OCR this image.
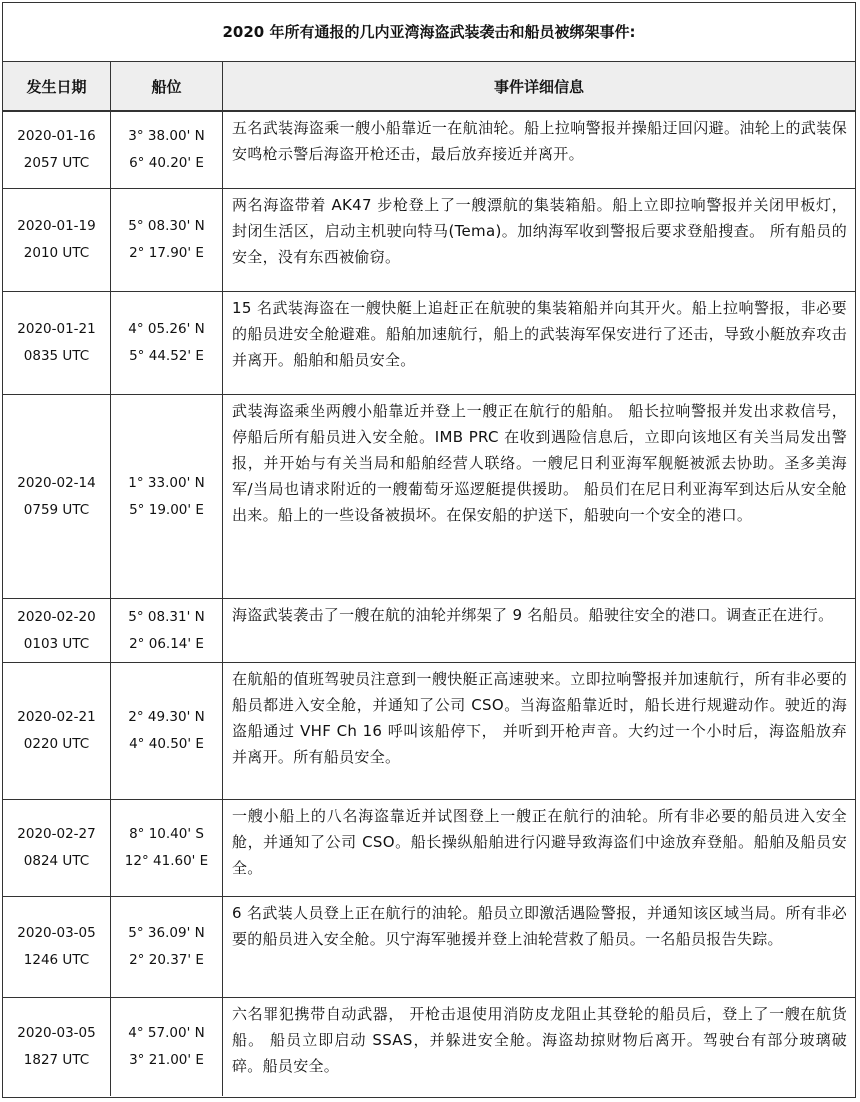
2020 年所有通报的几内亚湾海盗武装袭击和船员被绑架事件:
发生日期	船位	事件详细信息
2020-01-16
2057 UTC
3° 38.00' N
6° 40.20' E
五名武装海盗乘一艘小船靠近一在航油轮。船上拉响警报并操船迂回闪避。油轮上的武装保安鸣枪示警后海盗开枪还击，最后放弃接近并离开。
2020-01-19
2010 UTC
5° 08.30' N
2° 17.90' E
两名海盗带着 AK47 步枪登上了一艘漂航的集装箱船。船上立即拉响警报并关闭甲板灯，封闭生活区，启动主机驶向特马(Tema)。加纳海军收到警报后要求登船搜查。 所有船员的安全，没有东西被偷窃。
2020-01-21
0835 UTC
4° 05.26' N
5° 44.52' E
15 名武装海盗在一艘快艇上追赶正在航驶的集装箱船并向其开火。船上拉响警报，非必要的船员进安全舱避难。船舶加速航行，船上的武装海军保安进行了还击，导致小艇放弃攻击并离开。船舶和船员安全。
2020-02-14
0759 UTC
1° 33.00' N
5° 19.00' E
武装海盗乘坐两艘小船靠近并登上一艘正在航行的船舶。 船长拉响警报并发出求救信号，停船后所有船员进入安全舱。IMB PRC 在收到遇险信息后，立即向该地区有关当局发出警报，并开始与有关当局和船舶经营人联络。一艘尼日利亚海军舰艇被派去协助。圣多美海军/当局也请求附近的一艘葡萄牙巡逻艇提供援助。 船员们在尼日利亚海军到达后从安全舱出来。船上的一些设备被损坏。在保安船的护送下，船驶向一个安全的港口。
2020-02-20
0103 UTC
5° 08.31' N
2° 06.14' E
海盗武装袭击了一艘在航的油轮并绑架了 9 名船员。船驶往安全的港口。调查正在进行。
2020-02-21
0220 UTC
2° 49.30' N
4° 40.50' E
在航船的值班驾驶员注意到一艘快艇正高速驶来。立即拉响警报并加速航行，所有非必要的船员都进入安全舱，并通知了公司 CSO。当海盗船靠近时，船长进行规避动作。驶近的海盗船通过 VHF Ch 16 呼叫该船停下， 并听到开枪声音。大约过一个小时后，海盗船放弃并离开。所有船员安全。
2020-02-27
0824 UTC
8° 10.40' S
12° 41.60' E
一艘小船上的八名海盗靠近并试图登上一艘正在航行的油轮。所有非必要的船员进入安全舱，并通知了公司 CSO。船长操纵船舶进行闪避导致海盗们中途放弃登船。船舶及船员安全。
2020-03-05
1246 UTC
5° 36.09' N
2° 20.37' E
6 名武装人员登上正在航行的油轮。船员立即激活遇险警报，并通知该区域当局。所有非必要的船员进入安全舱。贝宁海军驰援并登上油轮营救了船员。一名船员报告失踪。
2020-03-05
1827 UTC
4° 57.00' N
3° 21.00' E
六名罪犯携带自动武器， 开枪击退使用消防皮龙阻止其登轮的船员后，登上了一艘在航货船。 船员立即启动 SSAS，并躲进安全舱。海盗劫掠财物后离开。驾驶台有部分玻璃破碎。船员安全。
